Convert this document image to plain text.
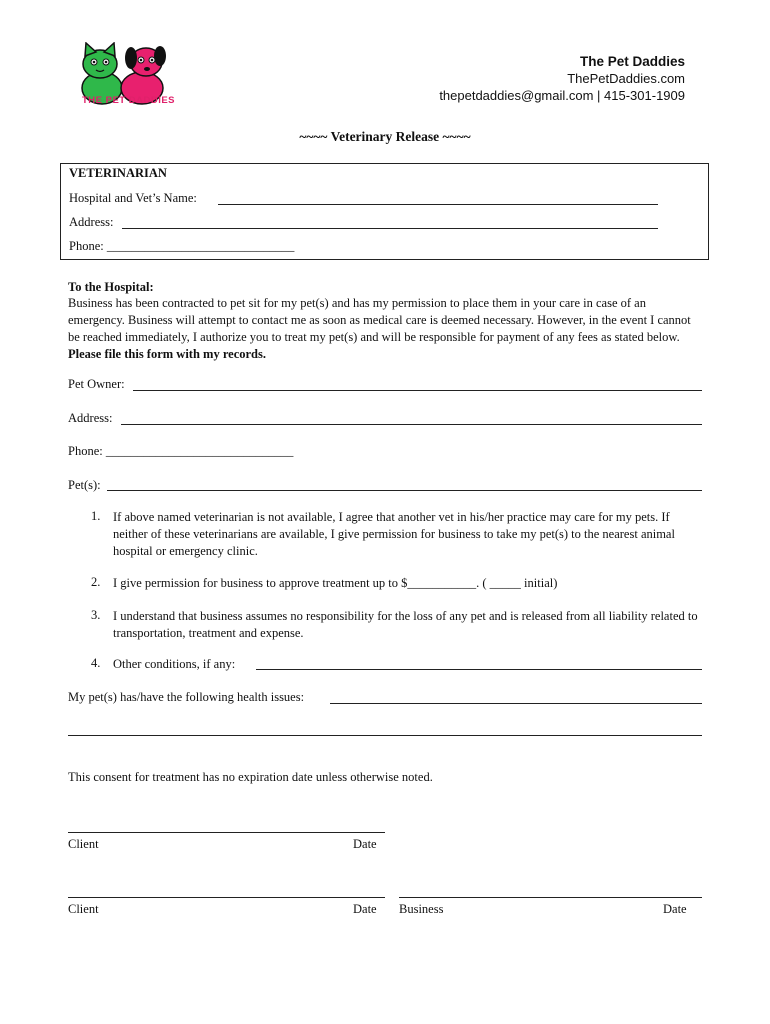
THE PET DADDIES
The Pet Daddies
ThePetDaddies.com
thepetdaddies@gmail.com | 415-301-1909
~~~~ Veterinary Release ~~~~
VETERINARIAN
Hospital and Vet’s Name:
Address:
Phone: ______________________________
To the Hospital:
Business has been contracted to pet sit for my pet(s) and has my permission to place them in your care in case of an emergency. Business will attempt to contact me as soon as medical care is deemed necessary. However, in the event I cannot be reached immediately, I authorize you to treat my pet(s) and will be responsible for payment of any fees as stated below.  Please file this form with my records.
Pet Owner:
Address:
Phone: ______________________________
Pet(s):
1. If above named veterinarian is not available, I agree that another vet in his/her practice may care for my pets. If neither of these veterinarians are available, I give permission for business to take my pet(s) to the nearest animal hospital or emergency clinic.
2. I give permission for business to approve treatment up to $___________. ( _____ initial)
3. I understand that business assumes no responsibility for the loss of any pet and is released from all liability related to transportation, treatment and expense.
4. Other conditions, if any:
My pet(s) has/have the following health issues:
This consent for treatment has no expiration date unless otherwise noted.
Client	Date
Client	Date Business	Date
